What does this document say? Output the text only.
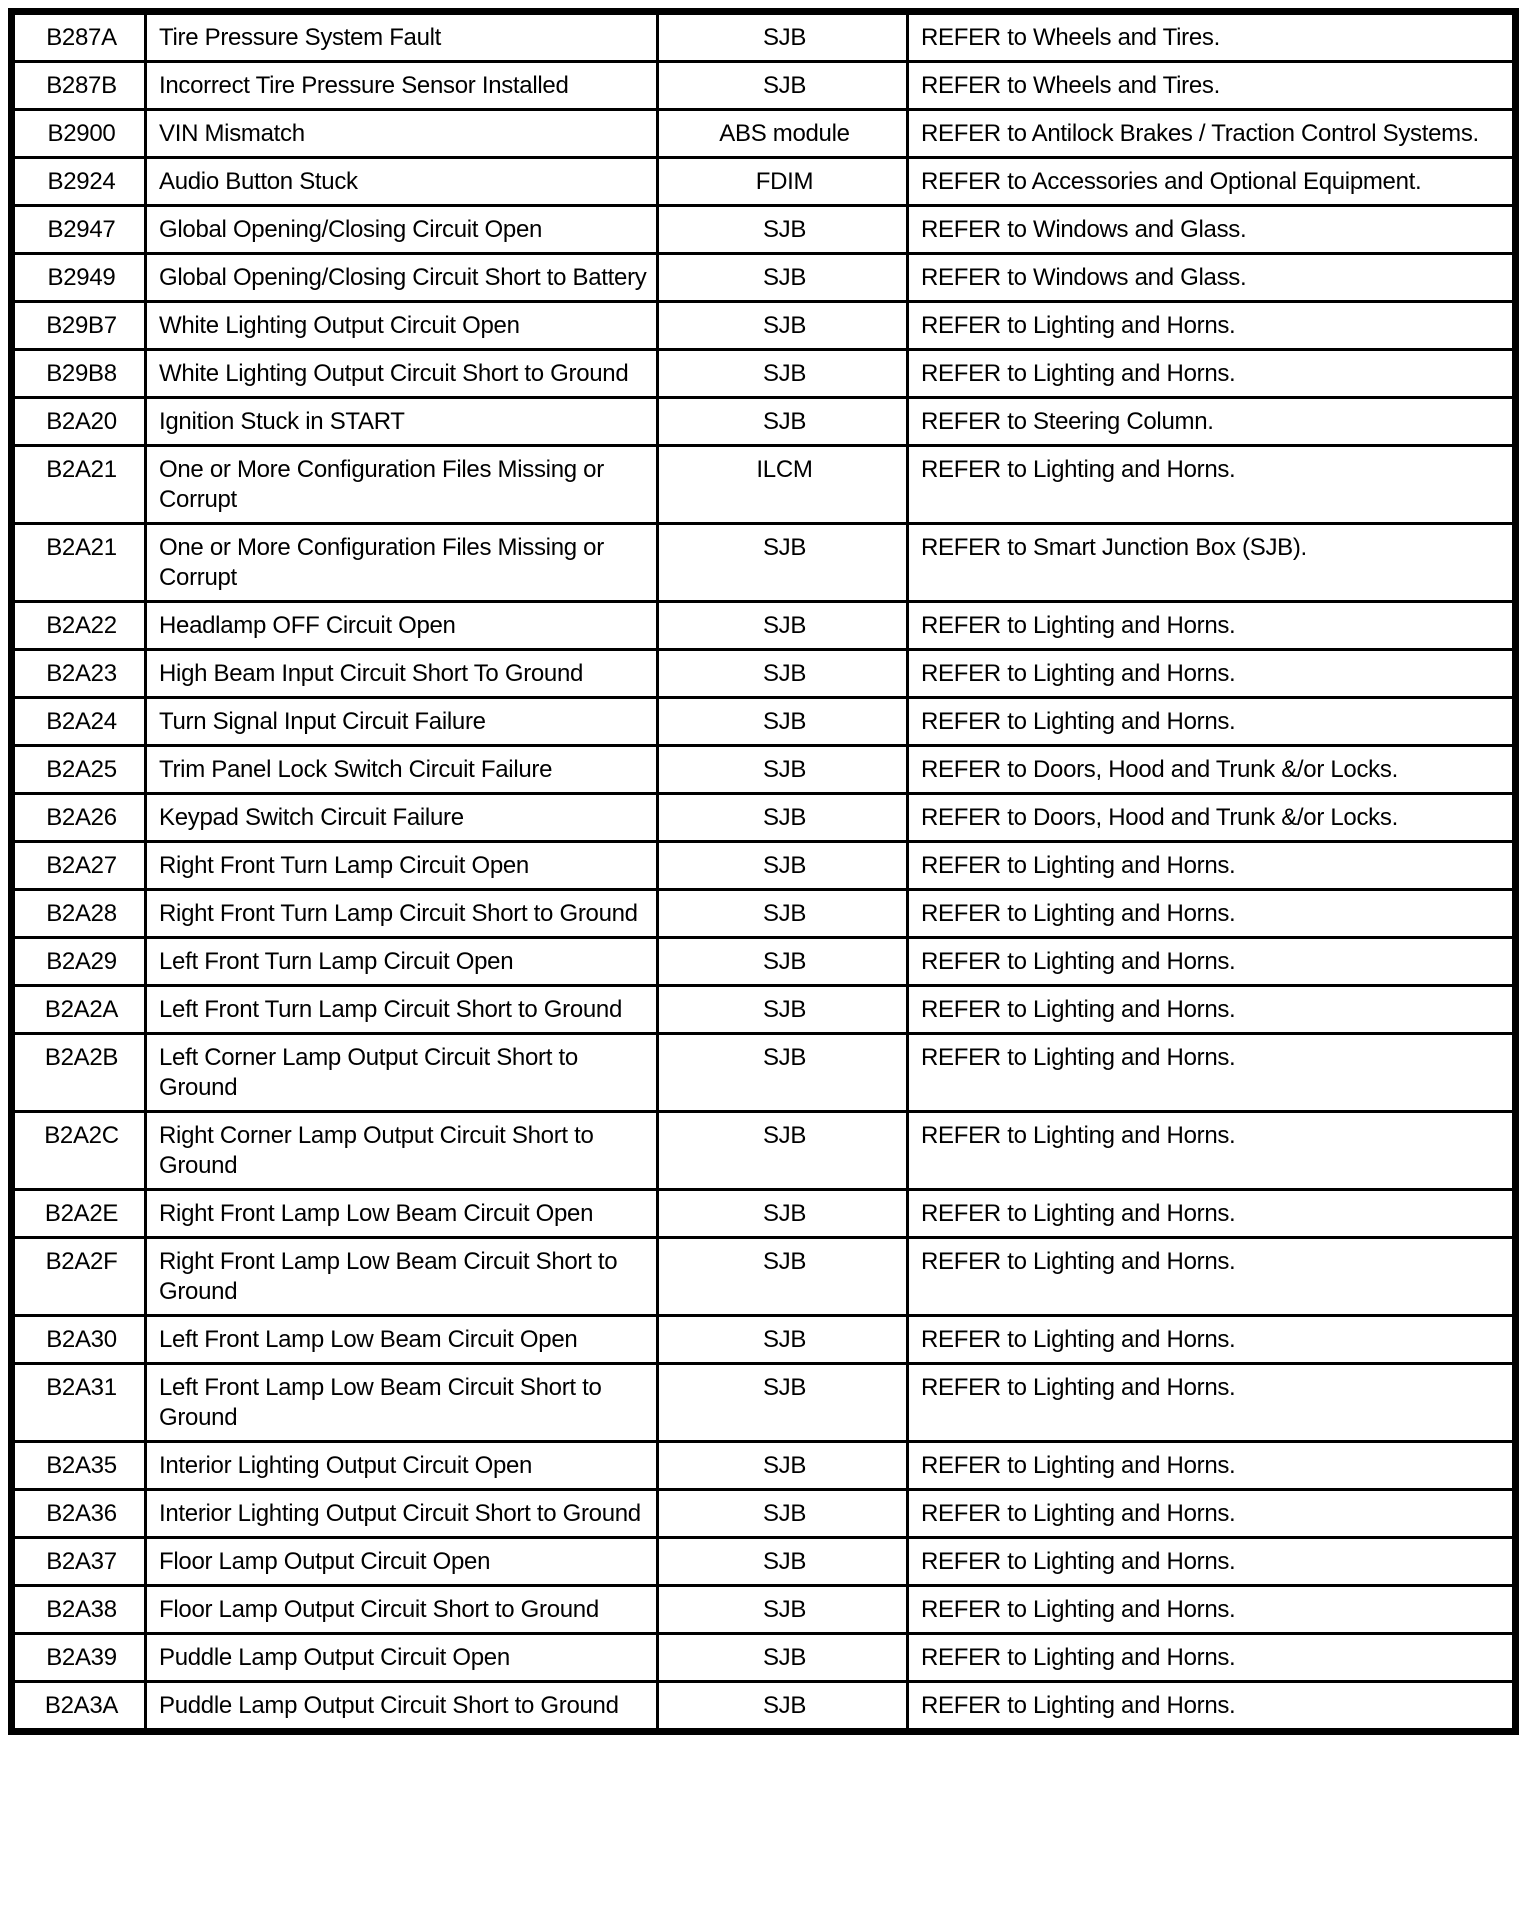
B287A	Tire Pressure System Fault	SJB	REFER to Wheels and Tires.
B287B	Incorrect Tire Pressure Sensor Installed	SJB	REFER to Wheels and Tires.
B2900	VIN Mismatch	ABS module	REFER to Antilock Brakes / Traction Control Systems.
B2924	Audio Button Stuck	FDIM	REFER to Accessories and Optional Equipment.
B2947	Global Opening/Closing Circuit Open	SJB	REFER to Windows and Glass.
B2949	Global Opening/Closing Circuit Short to Battery	SJB	REFER to Windows and Glass.
B29B7	White Lighting Output Circuit Open	SJB	REFER to Lighting and Horns.
B29B8	White Lighting Output Circuit Short to Ground	SJB	REFER to Lighting and Horns.
B2A20	Ignition Stuck in START	SJB	REFER to Steering Column.
B2A21	One or More Configuration Files Missing or Corrupt	ILCM	REFER to Lighting and Horns.
B2A21	One or More Configuration Files Missing or Corrupt	SJB	REFER to Smart Junction Box (SJB).
B2A22	Headlamp OFF Circuit Open	SJB	REFER to Lighting and Horns.
B2A23	High Beam Input Circuit Short To Ground	SJB	REFER to Lighting and Horns.
B2A24	Turn Signal Input Circuit Failure	SJB	REFER to Lighting and Horns.
B2A25	Trim Panel Lock Switch Circuit Failure	SJB	REFER to Doors, Hood and Trunk &/or Locks.
B2A26	Keypad Switch Circuit Failure	SJB	REFER to Doors, Hood and Trunk &/or Locks.
B2A27	Right Front Turn Lamp Circuit Open	SJB	REFER to Lighting and Horns.
B2A28	Right Front Turn Lamp Circuit Short to Ground	SJB	REFER to Lighting and Horns.
B2A29	Left Front Turn Lamp Circuit Open	SJB	REFER to Lighting and Horns.
B2A2A	Left Front Turn Lamp Circuit Short to Ground	SJB	REFER to Lighting and Horns.
B2A2B	Left Corner Lamp Output Circuit Short to Ground	SJB	REFER to Lighting and Horns.
B2A2C	Right Corner Lamp Output Circuit Short to Ground	SJB	REFER to Lighting and Horns.
B2A2E	Right Front Lamp Low Beam Circuit Open	SJB	REFER to Lighting and Horns.
B2A2F	Right Front Lamp Low Beam Circuit Short to Ground	SJB	REFER to Lighting and Horns.
B2A30	Left Front Lamp Low Beam Circuit Open	SJB	REFER to Lighting and Horns.
B2A31	Left Front Lamp Low Beam Circuit Short to Ground	SJB	REFER to Lighting and Horns.
B2A35	Interior Lighting Output Circuit Open	SJB	REFER to Lighting and Horns.
B2A36	Interior Lighting Output Circuit Short to Ground	SJB	REFER to Lighting and Horns.
B2A37	Floor Lamp Output Circuit Open	SJB	REFER to Lighting and Horns.
B2A38	Floor Lamp Output Circuit Short to Ground	SJB	REFER to Lighting and Horns.
B2A39	Puddle Lamp Output Circuit Open	SJB	REFER to Lighting and Horns.
B2A3A	Puddle Lamp Output Circuit Short to Ground	SJB	REFER to Lighting and Horns.
